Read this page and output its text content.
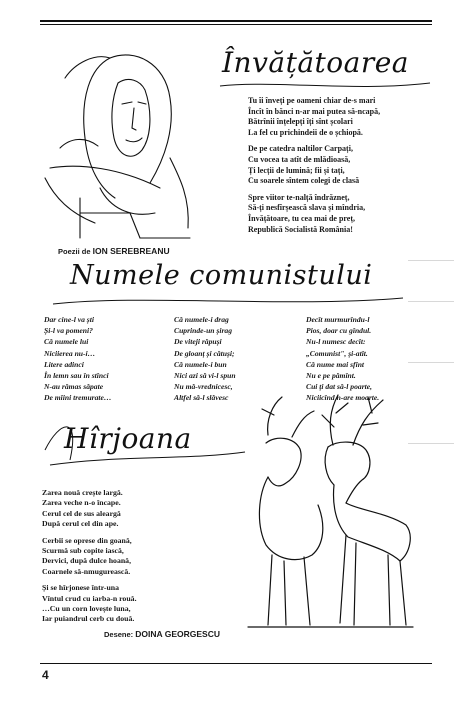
Învățătoarea
Tu îi înveți pe oameni chiar de-s mari
Încît în bănci n-ar mai putea să-ncapă,
Bătrînii înțelepți îți sînt școlari
La fel cu prichindeii de o șchiopă.
De pe catedra naltilor Carpați,
Cu vocea ta atît de mlădioasă,
Ți lecții de lumină; fii și tați,
Cu soarele sîntem colegi de clasă
Spre viitor te-nalță îndrăzneț,
Să-ți nesfîrșească slava și mîndria,
Învățătoare, tu cea mai de preț,
Republică Socialistă România!
Poezii de ION SEREBREANU
Numele comunistului
Dar cine-l va ști
Și-l va pomeni?
Că numele lui
Niciierea nu-i…
Litere adinci
În lemn sau în stînci
N-au rămas săpate
De mîini tremurate…
Că numele-i drag
Cuprinde-un șirag
De viteji răpuși
De gloanț și cătuși;
Că numele-i bun
Nici azi să vi-l spun
Nu mă-vrednicesc,
Altfel să-l slăvesc
Decît murmurîndu-l
Pios, doar cu gîndul.
Nu-l numesc decît:
„Comunist", și-atît.
Că nume mai sfînt
Nu e pe pămînt.
Cui ți dat să-l poarte,
Niciicînd n-are moarte.
Hîrjoana
Zarea nouă crește largă.
Zarea veche n-o încape.
Cerul cel de sus aleargă
După cerul cel din ape.
Cerbii se oprese din goană,
Scurmă sub copite iască,
Dervici, după dulce hoană,
Coarnele să-nmugurească.
Și se hîrjonese într-una
Vîntul crud cu iarba-n rouă.
…Cu un corn lovește luna,
Iar puiandrul cerb cu două.
Desene: DOINA GEORGESCU
4
